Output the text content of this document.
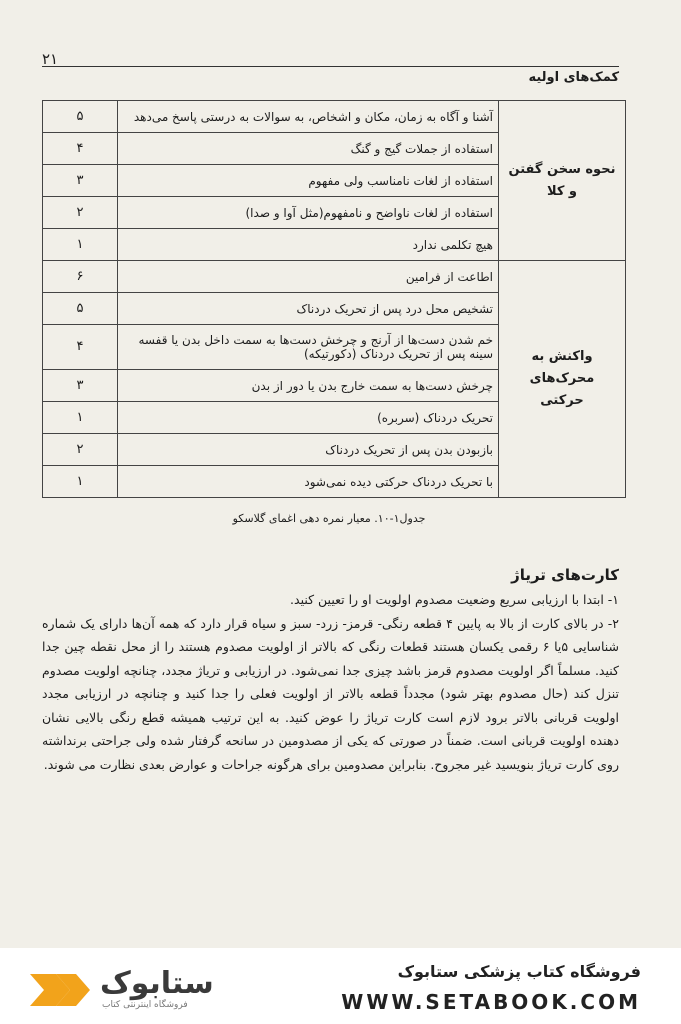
۲۱
کمک‌های اولیه
نحوه سخن گفتن و کلا	آشنا و آگاه به زمان، مکان و اشخاص، به سوالات به درستی پاسخ می‌دهد	۵
	استفاده از جملات گیج و گنگ	۴
	استفاده از لغات نامناسب ولی مفهوم	۳
	استفاده از لغات ناواضح و نامفهوم(مثل آوا و صدا)	۲
	هیچ تکلمی ندارد	۱
واکنش به محرک‌های حرکتی	اطاعت از فرامین	۶
	تشخیص محل درد پس از تحریک دردناک	۵
	خم شدن دست‌ها از آرنج و چرخش دست‌ها به سمت داخل بدن یا قفسه سینه پس از تحریک دردناک (دکورتیکه)	۴
	چرخش دست‌ها به سمت خارج بدن یا دور از بدن	۳
	تحریک دردناک (سربره)	۱
	بازبودن بدن پس از تحریک دردناک	۲
	با تحریک دردناک حرکتی دیده نمی‌شود	۱
جدول۱-۱۰. معیار نمره دهی اغمای گلاسکو
کارت‌های تریاژ

۱- ابتدا با ارزیابی سریع وضعیت مصدوم اولویت او را تعیین کنید.

۲- در بالای کارت از بالا به پایین ۴ قطعه رنگی- قرمز- زرد- سبز و سیاه قرار دارد که همه آن‌ها دارای یک شماره شناسایی ۵یا ۶ رقمی یکسان هستند قطعات رنگی که بالاتر از اولویت مصدوم هستند را از محل نقطه چین جدا کنید. مسلماً اگر اولویت مصدوم قرمز باشد چیزی جدا نمی‌شود. در ارزیابی و تریاژ مجدد، چنانچه اولویت مصدوم تنزل کند (حال مصدوم بهتر شود) مجدداً قطعه بالاتر از اولویت فعلی را جدا کنید و چنانچه در ارزیابی مجدد اولویت قربانی بالاتر برود لازم است کارت تریاژ را عوض کنید. به این ترتیب همیشه قطع رنگی بالایی نشان دهنده اولویت قربانی است. ضمناً در صورتی که یکی از مصدومین در سانحه گرفتار شده ولی جراحتی برنداشته روی کارت تریاژ بنویسید غیر مجروح. بنابراین مصدومین برای هرگونه جراحات و عوارض بعدی نظارت می شوند.

ستابوک
فروشگاه اینترنتی کتاب
فروشگاه کتاب پزشکی ستابوک
WWW.SETABOOK.COM
